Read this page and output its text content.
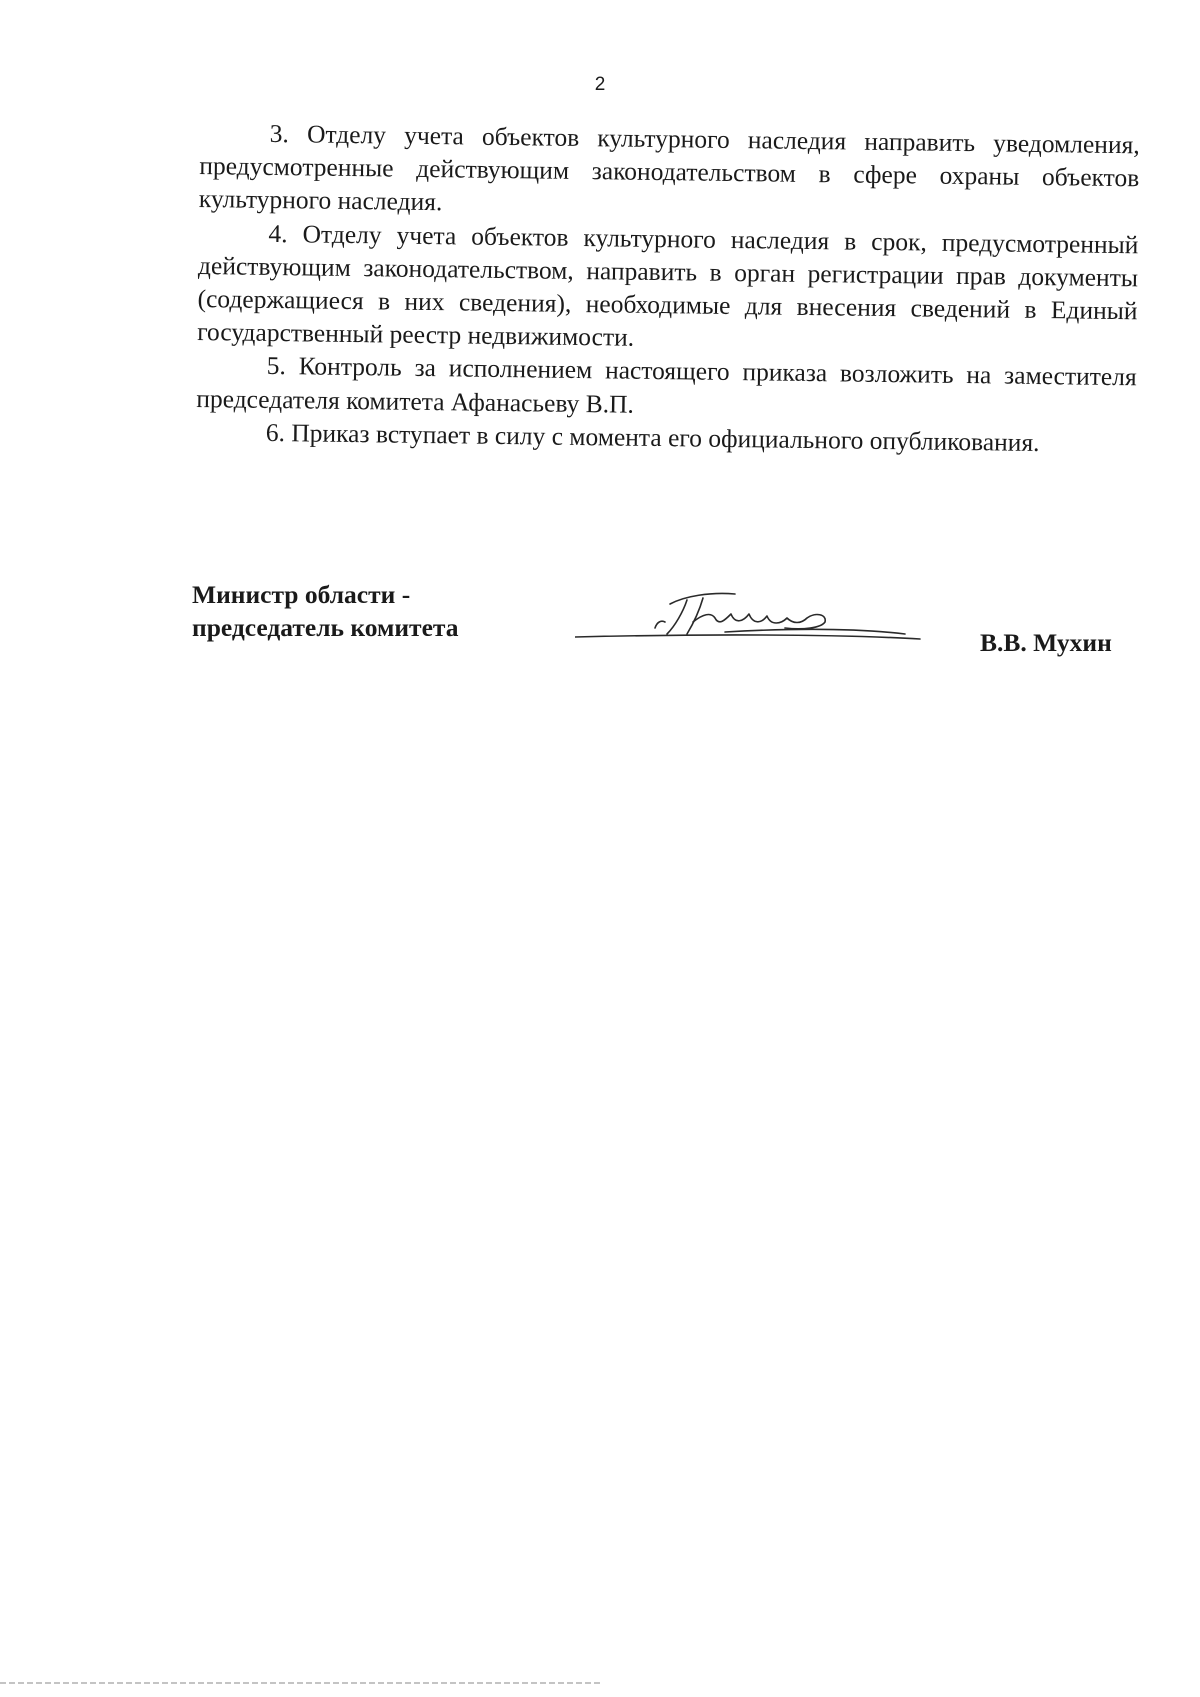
2

3. Отделу учета объектов культурного наследия направить уведомления, предусмотренные действующим законодательством в сфере охраны объектов культурного наследия.

4. Отделу учета объектов культурного наследия в срок, предусмотренный действующим законодательством, направить в орган регистрации прав документы (содержащиеся в них сведения), необходимые для внесения сведений в Единый государственный реестр недвижимости.

5. Контроль за исполнением настоящего приказа возложить на заместителя председателя комитета Афанасьеву В.П.

6. Приказ вступает в силу с момента его официального опубликования.

Министр области -
председатель комитета
В.В. Мухин
